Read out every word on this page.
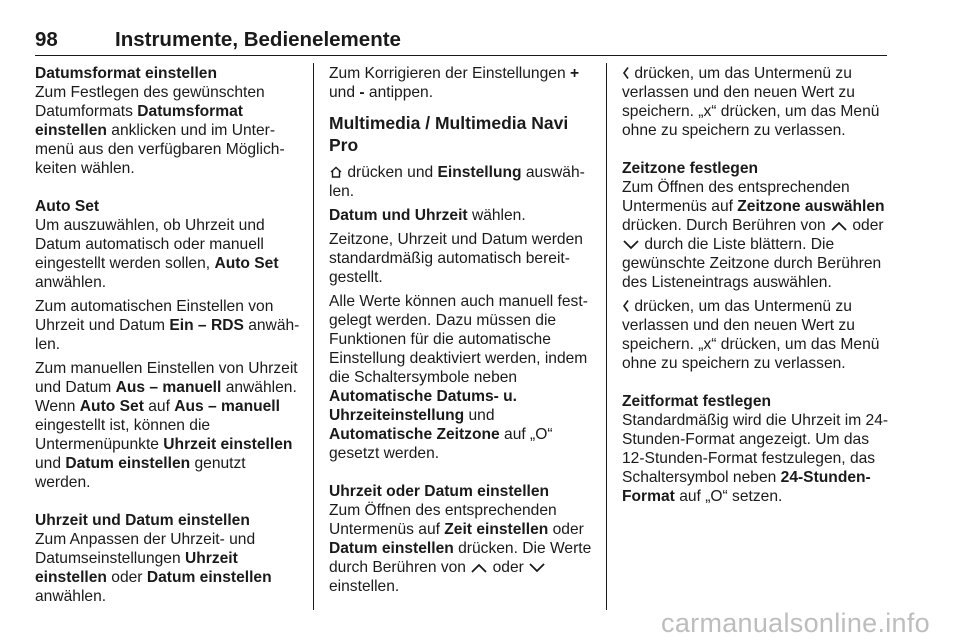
98	Instrumente, Bedienelemente

Datumsformat einstellen

Zum Festlegen des gewünschten Datumformats Datumsformat einstellen anklicken und im Untermenü aus den verfügbaren Möglichkeiten wählen.

Auto Set

Um auszuwählen, ob Uhrzeit und Datum automatisch oder manuell eingestellt werden sollen, Auto Set anwählen.

Zum automatischen Einstellen von Uhrzeit und Datum Ein – RDS anwählen.

Zum manuellen Einstellen von Uhrzeit und Datum Aus – manuell anwählen. Wenn Auto Set auf Aus – manuell eingestellt ist, können die Untermenüpunkte Uhrzeit einstellen und Datum einstellen genutzt werden.

Uhrzeit und Datum einstellen

Zum Anpassen der Uhrzeit- und Datumseinstellungen Uhrzeit einstellen oder Datum einstellen anwählen.

Zum Korrigieren der Einstellungen + und - antippen.

Multimedia / Multimedia Navi Pro

drücken und Einstellung auswählen.

Datum und Uhrzeit wählen.

Zeitzone, Uhrzeit und Datum werden standardmäßig automatisch bereitgestellt.

Alle Werte können auch manuell festgelegt werden. Dazu müssen die Funktionen für die automatische Einstellung deaktiviert werden, indem die Schaltersymbole neben Automatische Datums- u. Uhrzeiteinstellung und Automatische Zeitzone auf „O“ gesetzt werden.

Uhrzeit oder Datum einstellen

Zum Öffnen des entsprechenden Untermenüs auf Zeit einstellen oder Datum einstellen drücken. Die Werte durch Berühren von
oder
einstellen.

drücken, um das Untermenü zu verlassen und den neuen Wert zu speichern. „x“ drücken, um das Menü ohne zu speichern zu verlassen.

Zeitzone festlegen

Zum Öffnen des entsprechenden Untermenüs auf Zeitzone auswählen drücken. Durch Berühren von
oder
durch die Liste blättern. Die gewünschte Zeitzone durch Berühren des Listeneintrags auswählen.

drücken, um das Untermenü zu verlassen und den neuen Wert zu speichern. „x“ drücken, um das Menü ohne zu speichern zu verlassen.

Zeitformat festlegen

Standardmäßig wird die Uhrzeit im 24-Stunden-Format angezeigt. Um das 12-Stunden-Format festzulegen, das Schaltersymbol neben 24-Stunden-Format auf „O“ setzen.

carmanualsonline.info
